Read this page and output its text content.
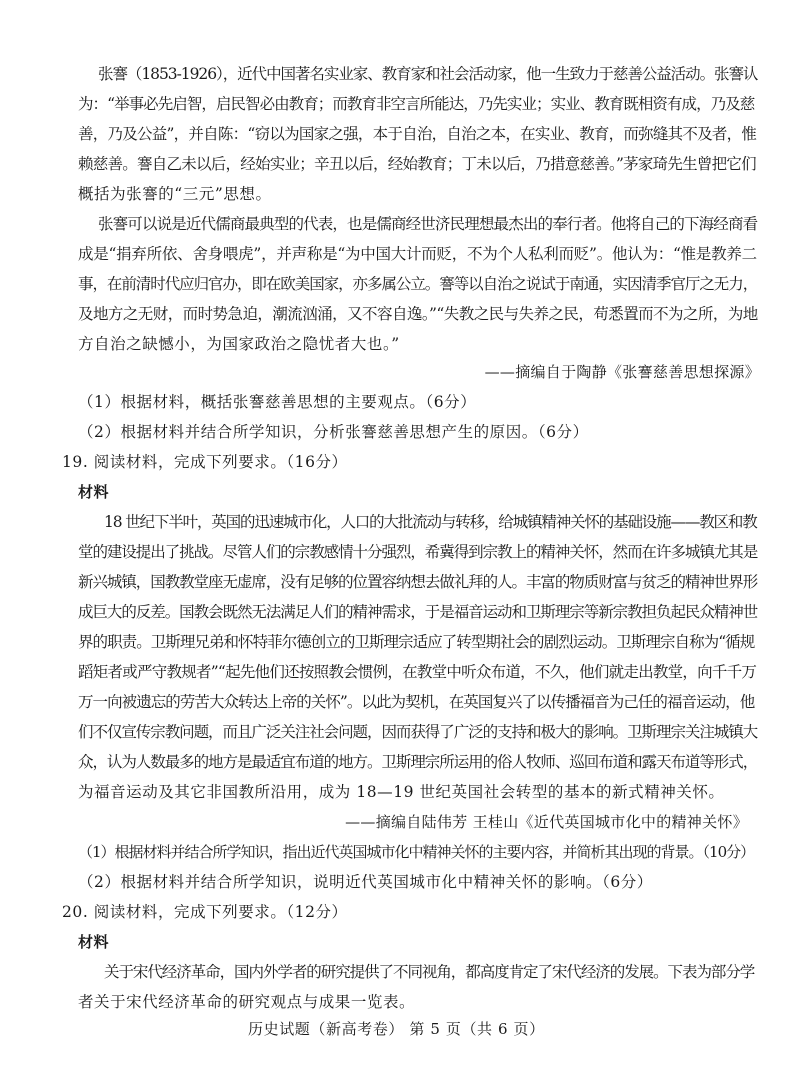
张謇（1853-1926），近代中国著名实业家、教育家和社会活动家，他一生致力于慈善公益活动。张謇认
为：“举事必先启智，启民智必由教育；而教育非空言所能达，乃先实业；实业、教育既相资有成，乃及慈
善，乃及公益”，并自陈：“窃以为国家之强，本于自治，自治之本，在实业、教育，而弥缝其不及者，惟
赖慈善。謇自乙未以后，经始实业；辛丑以后，经始教育；丁未以后，乃措意慈善。”茅家琦先生曾把它们
概括为张謇的“三元”思想。
张謇可以说是近代儒商最典型的代表，也是儒商经世济民理想最杰出的奉行者。他将自己的下海经商看
成是“捐弃所依、舍身喂虎”，并声称是“为中国大计而贬，不为个人私利而贬”。他认为：“惟是教养二
事，在前清时代应归官办，即在欧美国家，亦多属公立。謇等以自治之说试于南通，实因清季官厅之无力，
及地方之无财，而时势急迫，潮流汹涌，又不容自逸。”“失教之民与失养之民，苟悉置而不为之所，为地
方自治之缺憾小，为国家政治之隐忧者大也。”
——摘编自于陶静《张謇慈善思想探源》
（1）根据材料，概括张謇慈善思想的主要观点。（6分）
（2）根据材料并结合所学知识，分析张謇慈善思想产生的原因。（6分）
19. 阅读材料，完成下列要求。（16分）
材料
18 世纪下半叶，英国的迅速城市化，人口的大批流动与转移，给城镇精神关怀的基础设施——教区和教
堂的建设提出了挑战。尽管人们的宗教感情十分强烈，希冀得到宗教上的精神关怀，然而在许多城镇尤其是
新兴城镇，国教教堂座无虚席，没有足够的位置容纳想去做礼拜的人。丰富的物质财富与贫乏的精神世界形
成巨大的反差。国教会既然无法满足人们的精神需求，于是福音运动和卫斯理宗等新宗教担负起民众精神世
界的职责。卫斯理兄弟和怀特菲尔德创立的卫斯理宗适应了转型期社会的剧烈运动。卫斯理宗自称为“循规
蹈矩者或严守教规者”“起先他们还按照教会惯例，在教堂中听众布道，不久，他们就走出教堂，向千千万
万一向被遗忘的劳苦大众转达上帝的关怀”。以此为契机，在英国复兴了以传播福音为己任的福音运动，他
们不仅宣传宗教问题，而且广泛关注社会问题，因而获得了广泛的支持和极大的影响。卫斯理宗关注城镇大
众，认为人数最多的地方是最适宜布道的地方。卫斯理宗所运用的俗人牧师、巡回布道和露天布道等形式，
为福音运动及其它非国教所沿用，成为 18—19 世纪英国社会转型的基本的新式精神关怀。
——摘编自陆伟芳 王桂山《近代英国城市化中的精神关怀》
（1）根据材料并结合所学知识，指出近代英国城市化中精神关怀的主要内容，并简析其出现的背景。（10分）
（2）根据材料并结合所学知识，说明近代英国城市化中精神关怀的影响。（6分）
20. 阅读材料，完成下列要求。（12分）
材料
关于宋代经济革命，国内外学者的研究提供了不同视角，都高度肯定了宋代经济的发展。下表为部分学
者关于宋代经济革命的研究观点与成果一览表。
历史试题（新高考卷） 第 5 页（共 6 页）
